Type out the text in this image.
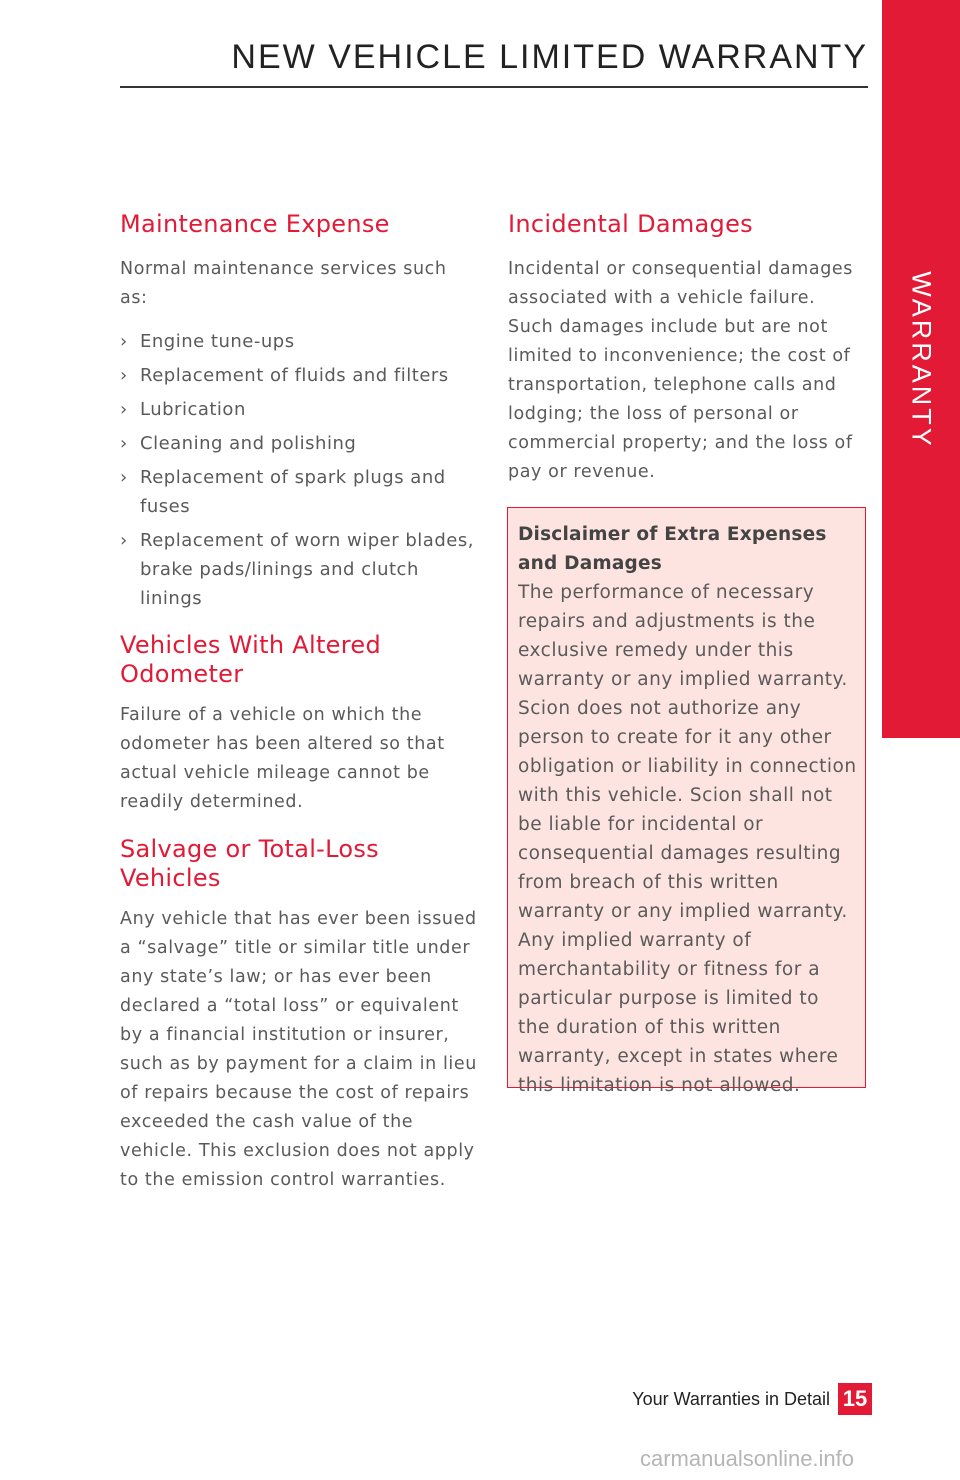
WARRANTY
NEW VEHICLE LIMITED WARRANTY
Maintenance Expense

Normal maintenance services such as:

› Engine tune-ups
› Replacement of fluids and filters
› Lubrication
› Cleaning and polishing
› Replacement of spark plugs and fuses
› Replacement of worn wiper blades, brake pads/linings and clutch linings
Vehicles With Altered Odometer

Failure of a vehicle on which the odometer has been altered so that actual vehicle mileage cannot be readily determined.

Salvage or Total-Loss Vehicles

Any vehicle that has ever been issued a “salvage” title or similar title under any state’s law; or has ever been declared a “total loss” or equivalent by a financial institution or insurer, such as by payment for a claim in lieu of repairs because the cost of repairs exceeded the cash value of the vehicle. This exclusion does not apply to the emission control warranties.

Incidental Damages

Incidental or consequential damages associated with a vehicle failure. Such damages include but are not limited to inconvenience; the cost of transportation, telephone calls and lodging; the loss of personal or commercial property; and the loss of pay or revenue.

Disclaimer of Extra Expenses and Damages

The performance of necessary repairs and adjustments is the exclusive remedy under this warranty or any implied warranty. Scion does not authorize any person to create for it any other obligation or liability in connection with this vehicle. Scion shall not be liable for incidental or consequential damages resulting from breach of this written warranty or any implied warranty. Any implied warranty of merchantability or fitness for a particular purpose is limited to the duration of this written warranty, except in states where this limitation is not allowed.

Your Warranties in Detail 15
carmanualsonline.info
